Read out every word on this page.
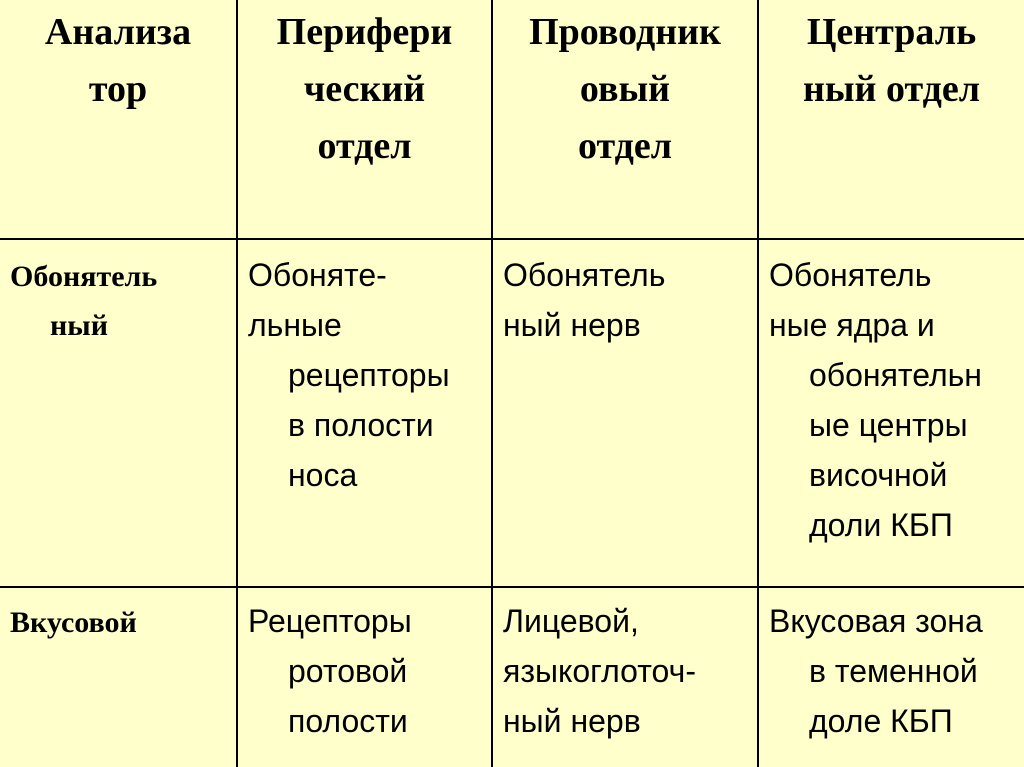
Анализа
тор
Перифери
ческий
отдел
Проводник
овый
отдел
Централь
ный отдел
Обонятель
ный
Обоняте-
льные
рецепторы
в полости
носа
Обонятель
ный нерв
Обонятель
ные ядра и
обонятельн
ые центры
височной
доли КБП
Вкусовой	Рецепторы
ротовой
полости
Лицевой,
языкоглоточ-
ный нерв
Вкусовая зона
в теменной
доле КБП
